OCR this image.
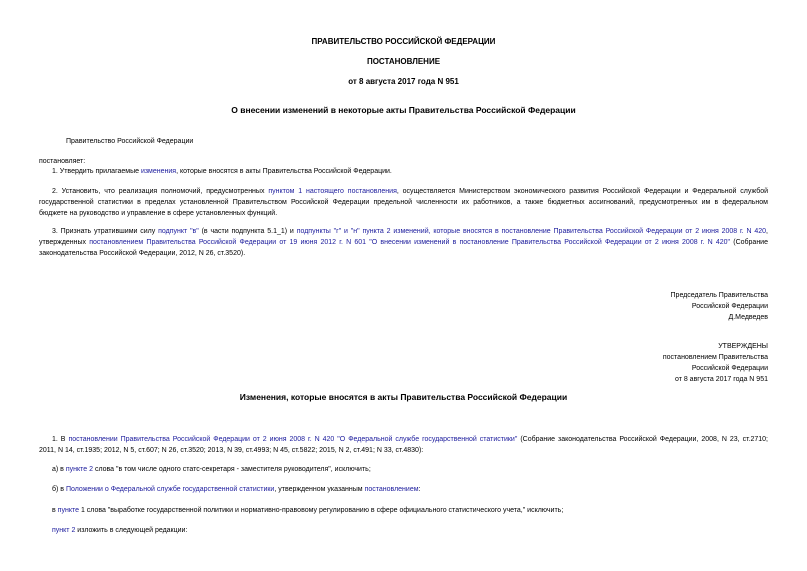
ПРАВИТЕЛЬСТВО РОССИЙСКОЙ ФЕДЕРАЦИИ
ПОСТАНОВЛЕНИЕ
от 8 августа 2017 года N 951
О внесении изменений в некоторые акты Правительства Российской Федерации
Правительство Российской Федерации
постановляет:
1. Утвердить прилагаемые изменения, которые вносятся в акты Правительства Российской Федерации.
2. Установить, что реализация полномочий, предусмотренных пунктом 1 настоящего постановления, осуществляется Министерством экономического развития Российской Федерации и Федеральной службой
государственной статистики в пределах установленной Правительством Российской Федерации предельной численности их работников, а также бюджетных ассигнований, предусмотренных им в федеральном
бюджете на руководство и управление в сфере установленных функций.
3. Признать утратившими силу подпункт "в" (в части подпункта 5.1_1) и подпункты "г" и "н" пункта 2 изменений, которые вносятся в постановление Правительства Российской Федерации от 2 июня 2008 г. N 420,
утвержденных постановлением Правительства Российской Федерации от 19 июня 2012 г. N 601 "О внесении изменений в постановление Правительства Российской Федерации от 2 июня 2008 г. N 420" (Собрание
законодательства Российской Федерации, 2012, N 26, ст.3520).
Председатель Правительства
Российской Федерации
Д.Медведев
УТВЕРЖДЕНЫ
постановлением Правительства
Российской Федерации
от 8 августа 2017 года N 951
Изменения, которые вносятся в акты Правительства Российской Федерации
1. В постановлении Правительства Российской Федерации от 2 июня 2008 г. N 420 "О Федеральной службе государственной статистики" (Собрание законодательства Российской Федерации, 2008, N 23, ст.2710;
2011, N 14, ст.1935; 2012, N 5, ст.607; N 26, ст.3520; 2013, N 39, ст.4993; N 45, ст.5822; 2015, N 2, ст.491; N 33, ст.4830):
а) в пункте 2 слова "в том числе одного статс-секретаря - заместителя руководителя", исключить;
б) в Положении о Федеральной службе государственной статистики, утвержденном указанным постановлением:
в пункте 1 слова "выработке государственной политики и нормативно-правовому регулированию в сфере официального статистического учета," исключить;
пункт 2 изложить в следующей редакции:
